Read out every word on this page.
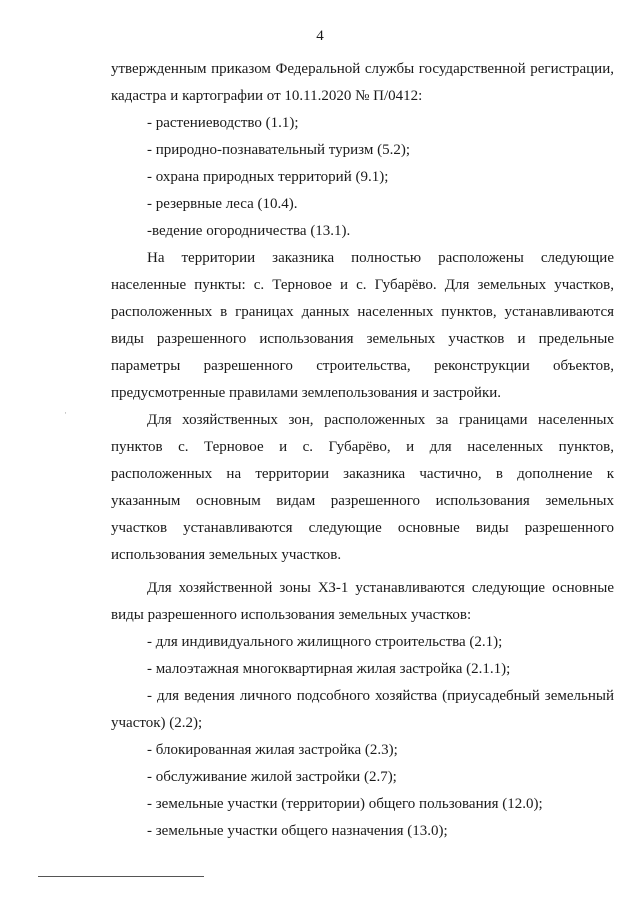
4
·
утвержденным приказом Федеральной службы государственной регистрации,
кадастра и картографии от 10.11.2020 № П/0412:
- растениеводство (1.1);
- природно-познавательный туризм (5.2);
- охрана природных территорий (9.1);
- резервные леса (10.4).
-ведение огородничества (13.1).
На территории заказника полностью расположены следующие
населенные пункты: с. Терновое и с. Губарёво. Для земельных участков,
расположенных в границах данных населенных пунктов, устанавливаются
виды разрешенного использования земельных участков и предельные
параметры разрешенного строительства, реконструкции объектов,
предусмотренные правилами землепользования и застройки.
Для хозяйственных зон, расположенных за границами населенных
пунктов с. Терновое и с. Губарёво, и для населенных пунктов,
расположенных на территории заказника частично, в дополнение к
указанным основным видам разрешенного использования земельных
участков устанавливаются следующие основные виды разрешенного
использования земельных участков.
Для хозяйственной зоны ХЗ-1 устанавливаются следующие основные
виды разрешенного использования земельных участков:
- для индивидуального жилищного строительства (2.1);
- малоэтажная многоквартирная жилая застройка (2.1.1);
- для ведения личного подсобного хозяйства (приусадебный земельный
участок) (2.2);
- блокированная жилая застройка (2.3);
- обслуживание жилой застройки (2.7);
- земельные участки (территории) общего пользования (12.0);
- земельные участки общего назначения (13.0);
